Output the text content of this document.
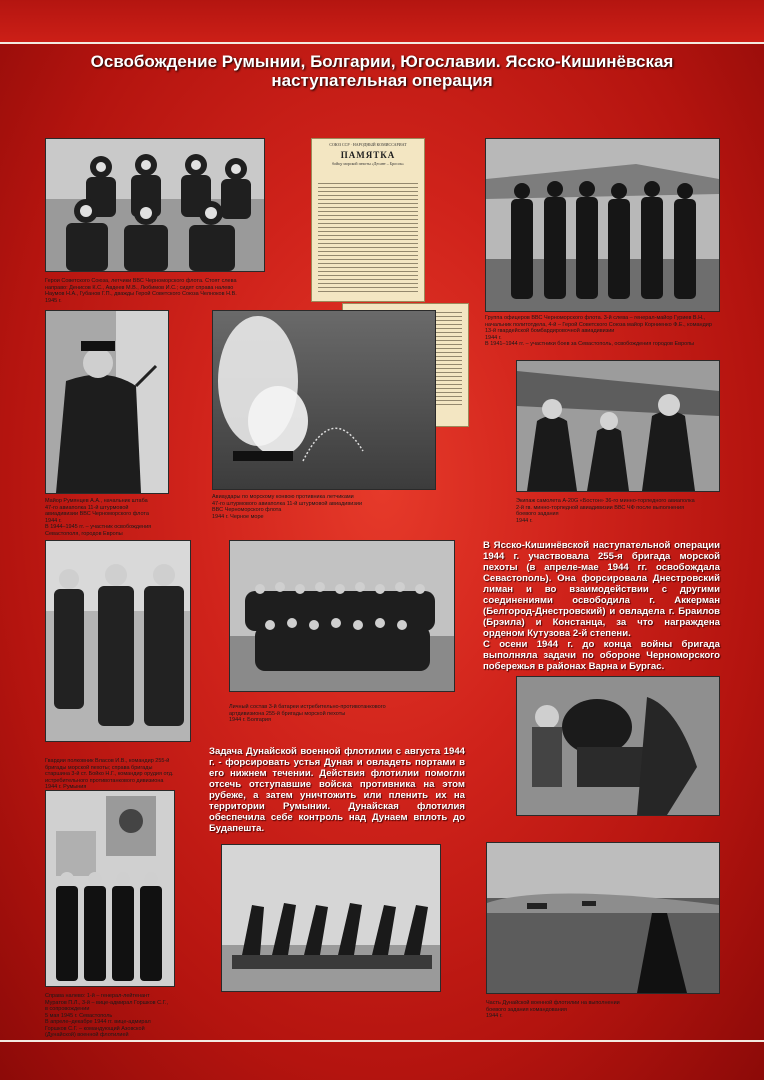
Освобождение Румынии, Болгарии, Югославии. Ясско-Кишинёвская
наступательная операция
Герои Советского Союза, летчики ВВС Черноморского флота. Стоят слева
направо: Денисов К.С., Авдеев М.В., Любимов И.С.; сидят справа налево
Наумов Н.А., Губанов Г.П., дважды Герой Советского Союза Челноков Н.В.
1945 г.
СОЮЗ ССР · НАРОДНЫЙ КОМИССАРИАТ
ПАМЯТКА
бойцу морской пехоты «Десант – Бросок»
Группа офицеров ВВС Черноморского флота. 3-й слева – генерал-майор Гуриев В.Н.,
начальник политотдела, 4-й – Герой Советского Союза майор Корниенко Ф.Е., командир
13-й гвардейской бомбардировочной авиадивизии
1944 г.
В 1941–1944 гг. – участники боев за Севастополь, освобождения городов Европы
Майор Румянцев А.А., начальник штаба
47-го авиаполка 11-й штурмовой
авиадивизии ВВС Черноморского флота
1944 г.
В 1944–1945 гг. – участник освобождения
Севастополя, городов Европы
Авиаудары по морскому конвою противника летчиками
47-го штурмового авиаполка 11-й штурмовой авиадивизии
ВВС Черноморского флота
1944 г. Черное море
Экипаж самолета А-20G «Бостон» 36-го минно-торпедного авиаполка
2-й гв. минно-торпедной авиадивизии ВВС ЧФ после выполнения
боевого задания
1944 г.
В Ясско-Кишинёвской наступательной операции 1944 г. участвовала 255-я бригада морской пехоты (в апреле-мае 1944 гг. освобождала Севастополь). Она форсировала Днестровский лиман и во взаимодействии с другими соединениями освободила г. Аккерман (Белгород-Днестровский) и овладела г. Браилов (Брэила) и Констанца, за что награждена орденом Кутузова 2-й степени.
С осени 1944 г. до конца войны бригада выполняла задачи по обороне Черноморского побережья в районах Варна и Бургас.
Гвардии полковник Власов И.В., командир 255-й
бригады морской пехоты; справа бригады
старшина 3-й ст. Бойко Н.Г., командир орудия отд.
истребительного противотанкового дивизиона
1944 г. Румыния
Личный состав 3-й батареи истребительно-противотанкового
артдивизиона 255-й бригады морской пехоты
1944 г. Болгария
Задача Дунайской военной флотилии с августа 1944 г. - форсировать устья Дуная и овладеть портами в его нижнем течении. Действия флотилии помогли отсечь отступавшие войска противника на этом рубеже, а затем уничтожить или пленить их на территории Румынии. Дунайская флотилия обеспечила себе контроль над Дунаем вплоть до Будапешта.
Справа налево: 1-й – генерал-лейтенант
Муратов П.Л., 3-й – вице-адмирал Горшков С.Г.,
в сопровождении
5 мая 1945 г. Севастополь
В апреле–декабре 1944 гг. вице-адмирал
Горшков С.Г. – командующий Азовской
(Дунайской) военной флотилией
Часть Дунайской военной флотилии на выполнении
боевого задания командования
1944 г.
